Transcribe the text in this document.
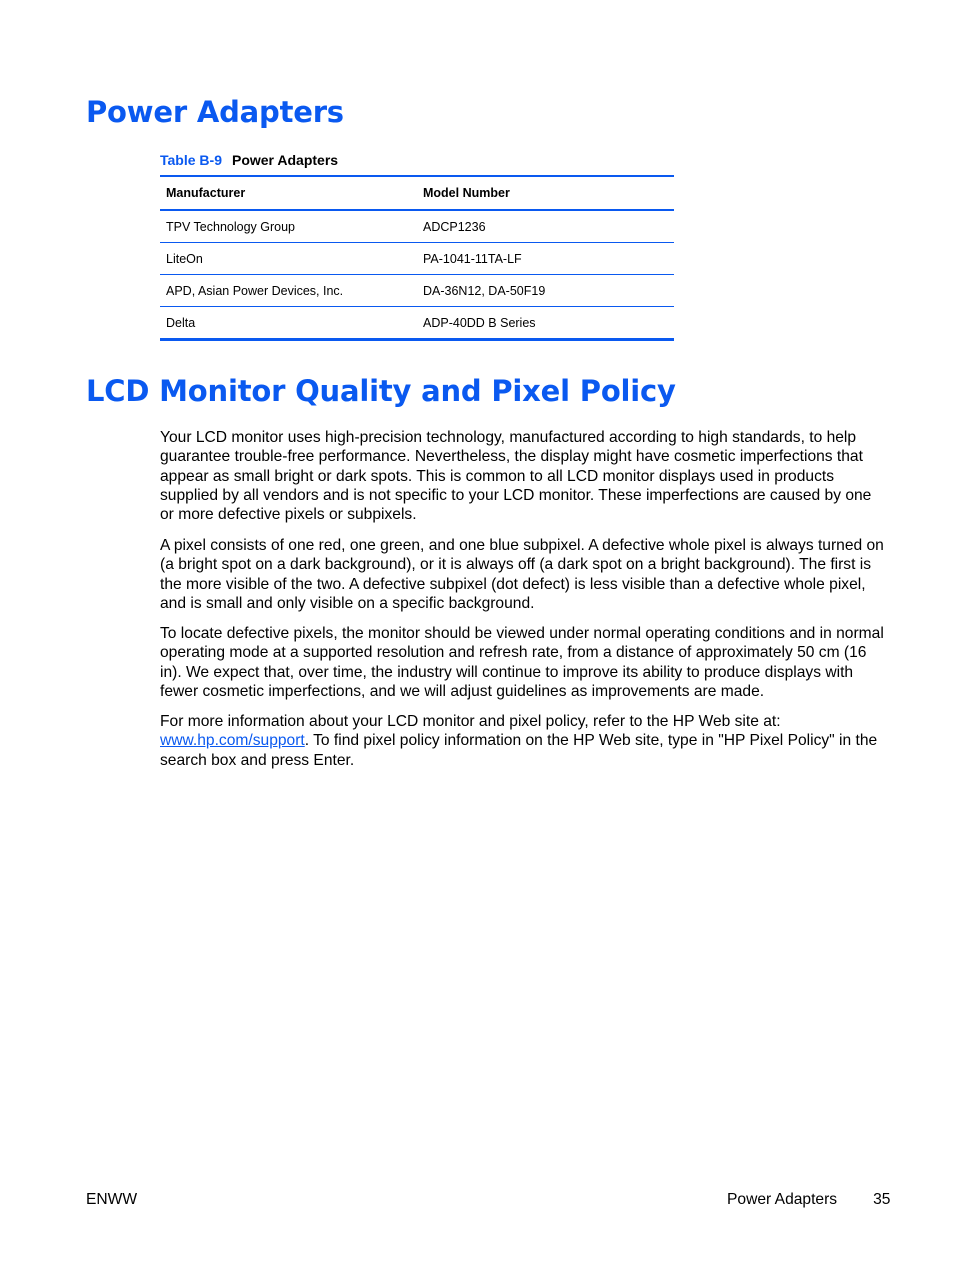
Power Adapters
Table B-9 Power Adapters
Manufacturer	Model Number
TPV Technology Group	ADCP1236
LiteOn	PA-1041-11TA-LF
APD, Asian Power Devices, Inc.	DA-36N12, DA-50F19
Delta	ADP-40DD B Series
LCD Monitor Quality and Pixel Policy

Your LCD monitor uses high-precision technology, manufactured according to high standards, to help guarantee trouble-free performance. Nevertheless, the display might have cosmetic imperfections that appear as small bright or dark spots. This is common to all LCD monitor displays used in products supplied by all vendors and is not specific to your LCD monitor. These imperfections are caused by one or more defective pixels or subpixels.

A pixel consists of one red, one green, and one blue subpixel. A defective whole pixel is always turned on (a bright spot on a dark background), or it is always off (a dark spot on a bright background). The first is the more visible of the two. A defective subpixel (dot defect) is less visible than a defective whole pixel, and is small and only visible on a specific background.

To locate defective pixels, the monitor should be viewed under normal operating conditions and in normal operating mode at a supported resolution and refresh rate, from a distance of approximately 50 cm (16 in). We expect that, over time, the industry will continue to improve its ability to produce displays with fewer cosmetic imperfections, and we will adjust guidelines as improvements are made.

For more information about your LCD monitor and pixel policy, refer to the HP Web site at: www.hp.com/support. To find pixel policy information on the HP Web site, type in "HP Pixel Policy" in the search box and press Enter.

ENWW	Power Adapters 35
